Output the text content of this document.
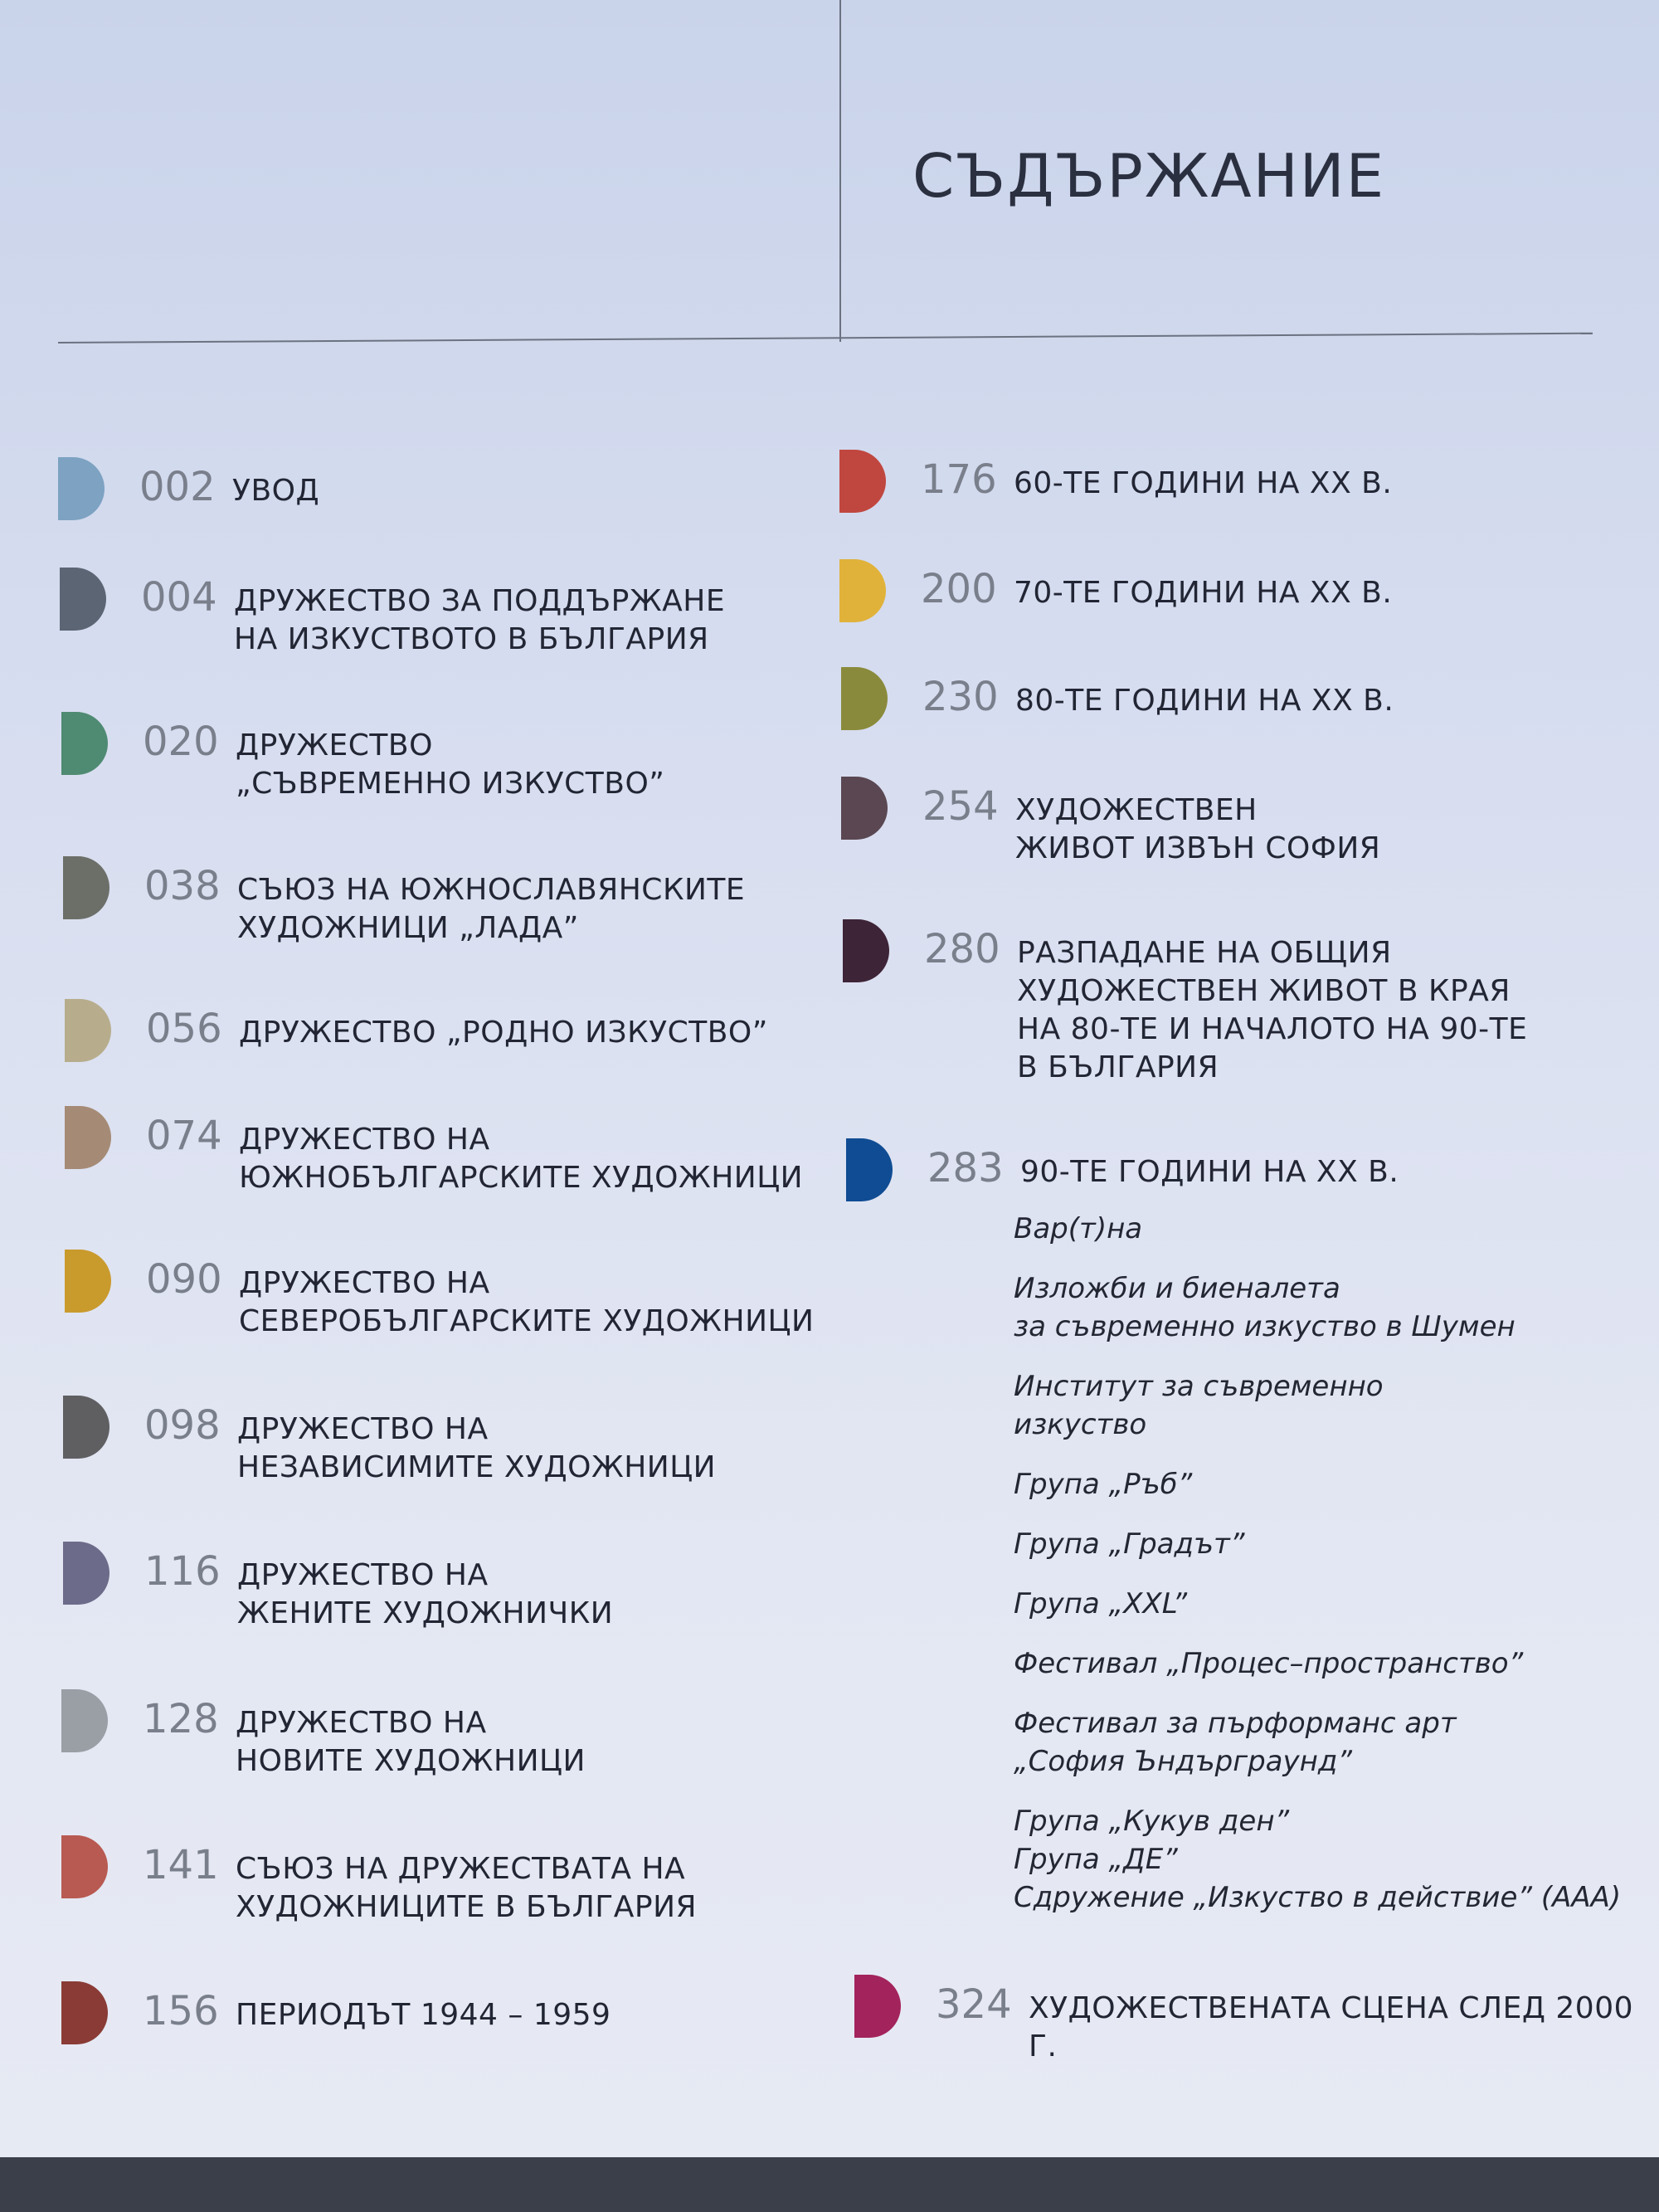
СЪДЪРЖАНИЕ
002 УВОД
004 ДРУЖЕСТВО ЗА ПОДДЪРЖАНЕ
НА ИЗКУСТВОТО В БЪЛГАРИЯ
020 ДРУЖЕСТВО
„СЪВРЕМЕННО ИЗКУСТВО”
038 СЪЮЗ НА ЮЖНОСЛАВЯНСКИТЕ
ХУДОЖНИЦИ „ЛАДА”
056 ДРУЖЕСТВО „РОДНО ИЗКУСТВО”
074 ДРУЖЕСТВО НА
ЮЖНОБЪЛГАРСКИТЕ ХУДОЖНИЦИ
090 ДРУЖЕСТВО НА
СЕВЕРОБЪЛГАРСКИТЕ ХУДОЖНИЦИ
098 ДРУЖЕСТВО НА
НЕЗАВИСИМИТЕ ХУДОЖНИЦИ
116 ДРУЖЕСТВО НА
ЖЕНИТЕ ХУДОЖНИЧКИ
128 ДРУЖЕСТВО НА
НОВИТЕ ХУДОЖНИЦИ
141 СЪЮЗ НА ДРУЖЕСТВАТА НА
ХУДОЖНИЦИТЕ В БЪЛГАРИЯ
156 ПЕРИОДЪТ 1944 – 1959
176 60-ТЕ ГОДИНИ НА XX В.
200 70-ТЕ ГОДИНИ НА XX В.
230 80-ТЕ ГОДИНИ НА XX В.
254 ХУДОЖЕСТВЕН
ЖИВОТ ИЗВЪН СОФИЯ
280 РАЗПАДАНЕ НА ОБЩИЯ
ХУДОЖЕСТВЕН ЖИВОТ В КРАЯ
НА 80-ТЕ И НАЧАЛОТО НА 90-ТЕ
В БЪЛГАРИЯ
283 90-ТЕ ГОДИНИ НА XX В.
324 ХУДОЖЕСТВЕНАТА СЦЕНА СЛЕД 2000 Г.
Вар(т)на
Изложби и биеналета
за съвременно изкуство в Шумен
Институт за съвременно
изкуство
Група „Ръб”
Група „Градът”
Група „XXL”
Фестивал „Процес–пространство”
Фестивал за пърформанс арт
„София Ъндърграунд”
Група „Кукув ден”
Група „ДЕ”
Сдружение „Изкуство в действие” (AAA)
